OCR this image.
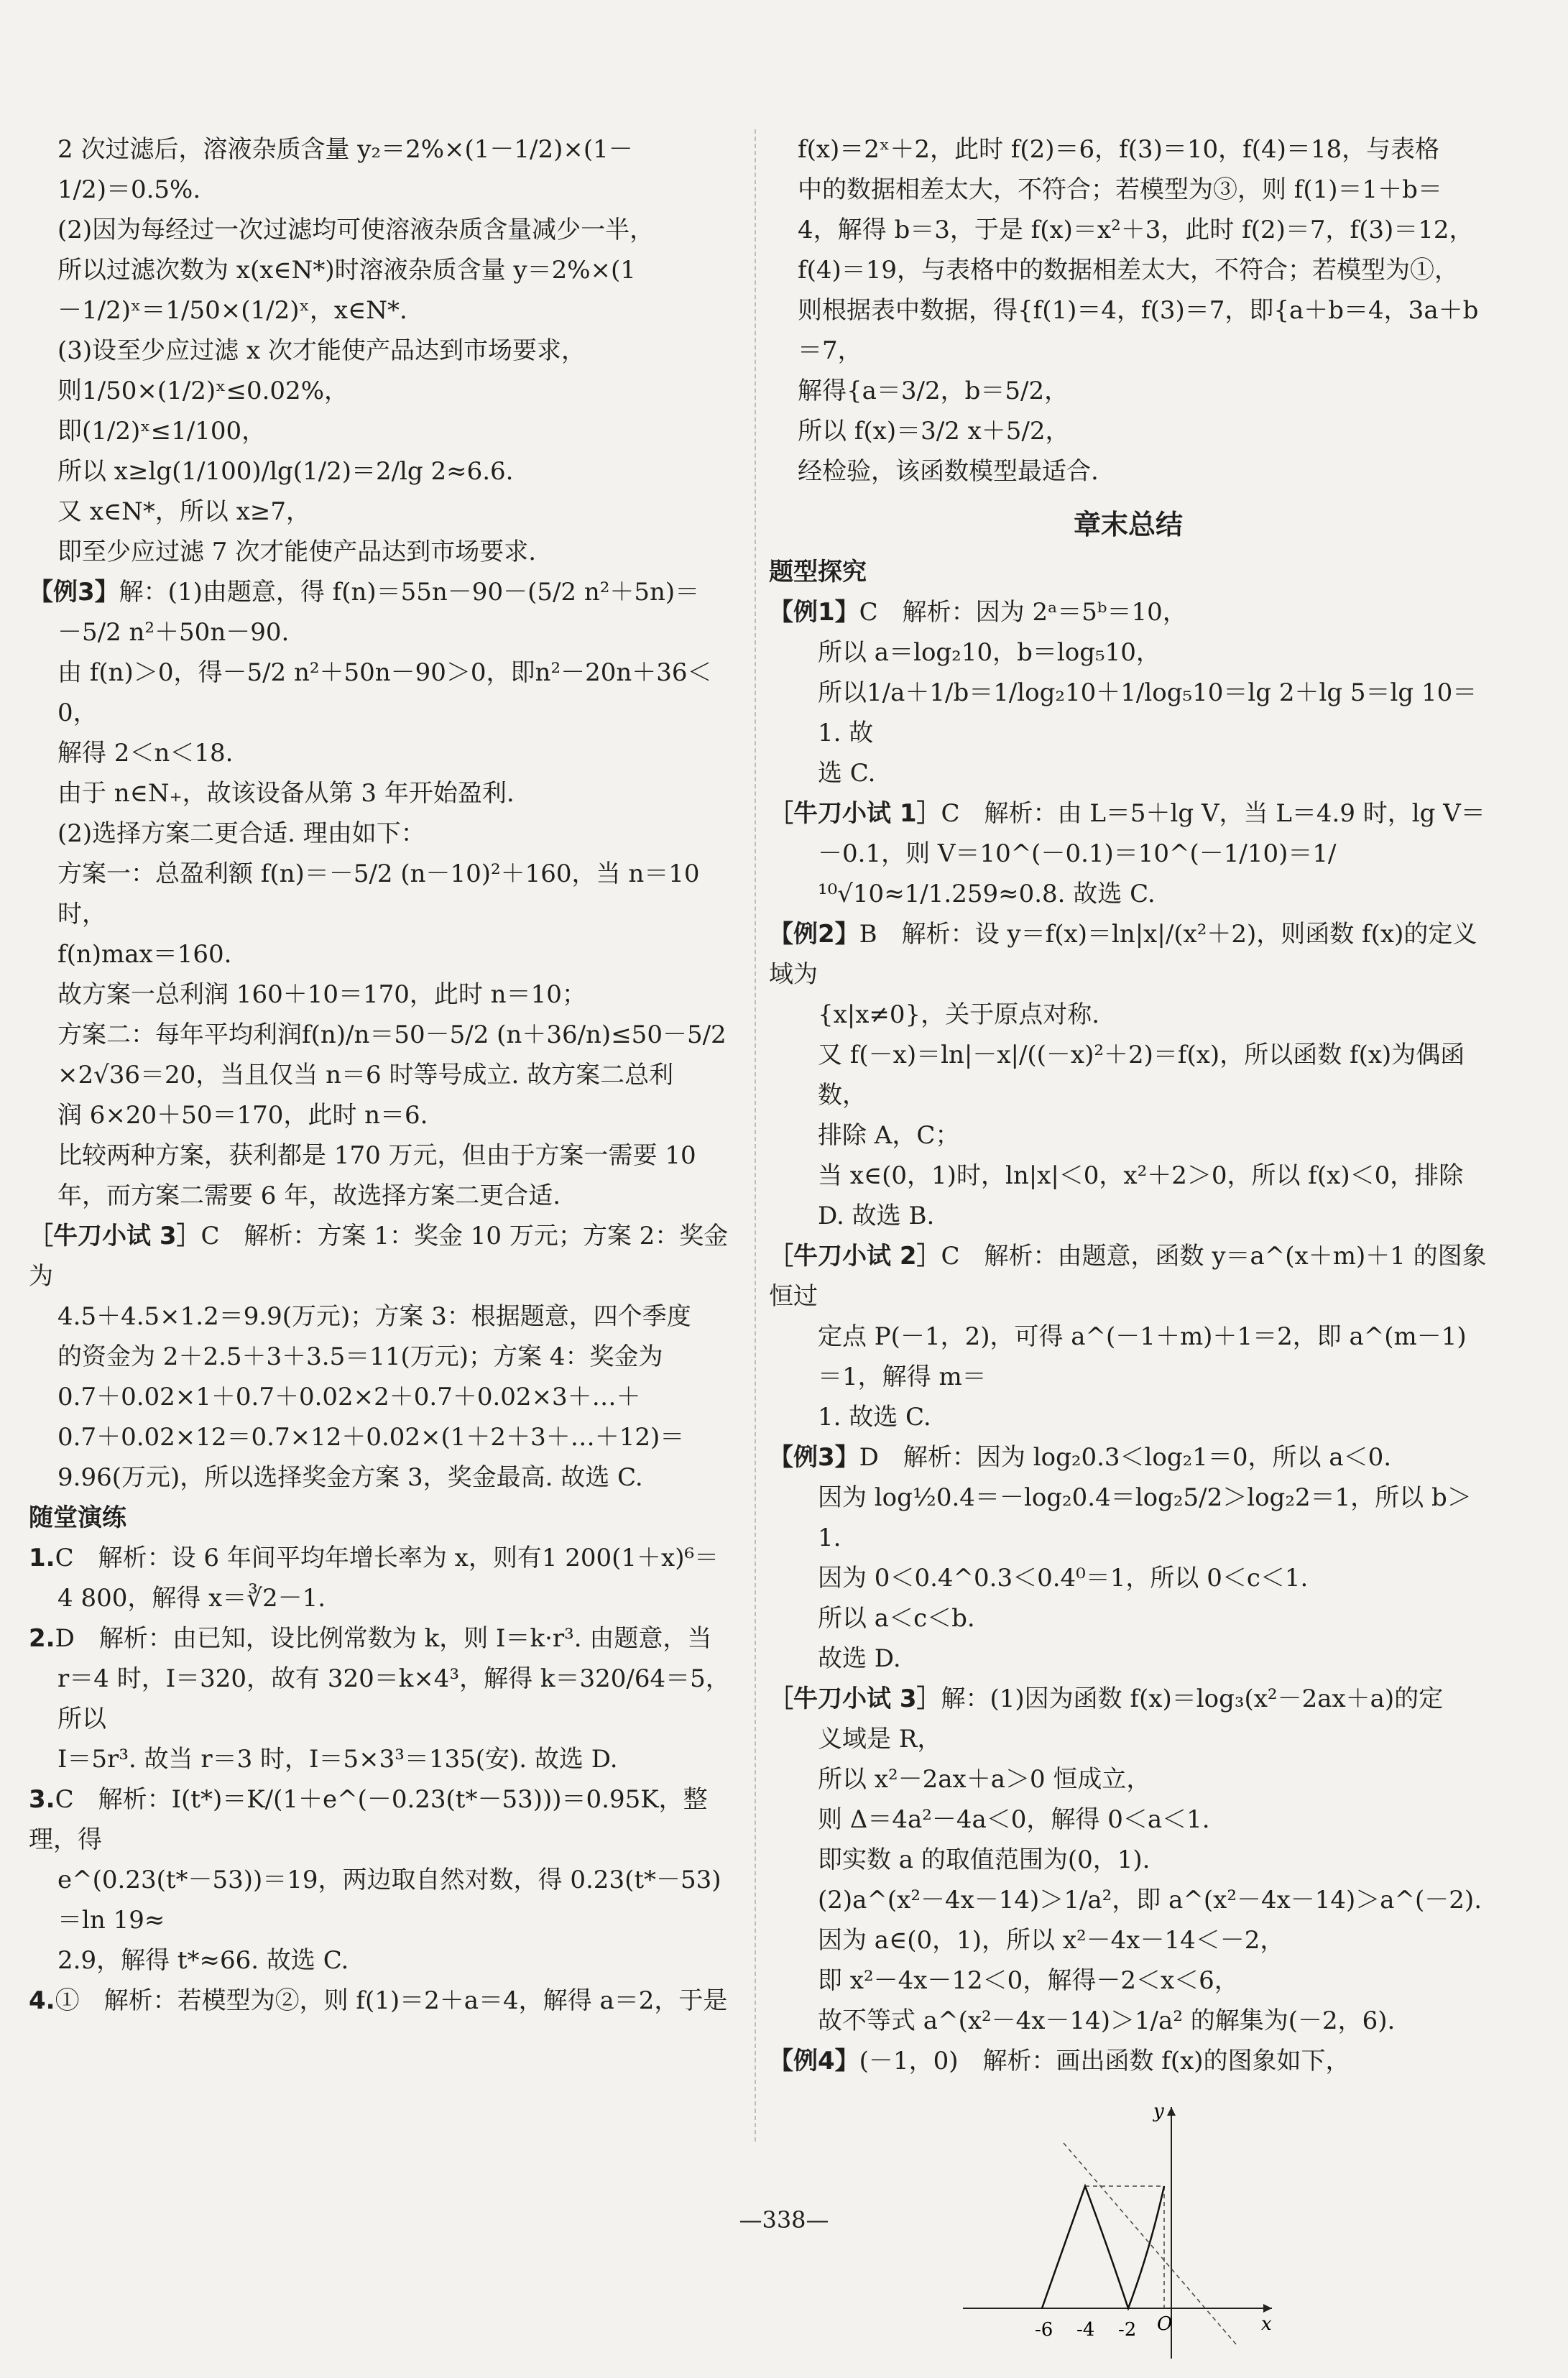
2 次过滤后，溶液杂质含量 y₂＝2%×(1－1/2)×(1－
1/2)＝0.5%.
(2)因为每经过一次过滤均可使溶液杂质含量减少一半，
所以过滤次数为 x(x∈N*)时溶液杂质含量 y＝2%×(1
－1/2)ˣ＝1/50×(1/2)ˣ，x∈N*.
(3)设至少应过滤 x 次才能使产品达到市场要求，
则1/50×(1/2)ˣ≤0.02%，
即(1/2)ˣ≤1/100，
所以 x≥lg(1/100)/lg(1/2)＝2/lg 2≈6.6.
又 x∈N*，所以 x≥7，
即至少应过滤 7 次才能使产品达到市场要求.
【例3】解：(1)由题意，得 f(n)＝55n－90－(5/2 n²＋5n)＝
－5/2 n²＋50n－90.
由 f(n)＞0，得－5/2 n²＋50n－90＞0，即n²－20n＋36＜0，
解得 2＜n＜18.
由于 n∈N₊，故该设备从第 3 年开始盈利.
(2)选择方案二更合适. 理由如下：
方案一：总盈利额 f(n)＝－5/2 (n－10)²＋160，当 n＝10 时，
f(n)max＝160.
故方案一总利润 160＋10＝170，此时 n＝10；
方案二：每年平均利润f(n)/n＝50－5/2 (n＋36/n)≤50－5/2
×2√36＝20，当且仅当 n＝6 时等号成立. 故方案二总利
润 6×20＋50＝170，此时 n＝6.
比较两种方案，获利都是 170 万元，但由于方案一需要 10
年，而方案二需要 6 年，故选择方案二更合适.
［牛刀小试 3］C　解析：方案 1：奖金 10 万元；方案 2：奖金为
4.5＋4.5×1.2＝9.9(万元)；方案 3：根据题意，四个季度
的资金为 2＋2.5＋3＋3.5＝11(万元)；方案 4：奖金为
0.7＋0.02×1＋0.7＋0.02×2＋0.7＋0.02×3＋…＋
0.7＋0.02×12＝0.7×12＋0.02×(1＋2＋3＋…＋12)＝
9.96(万元)，所以选择奖金方案 3，奖金最高. 故选 C.
随堂演练
1.C　解析：设 6 年间平均年增长率为 x，则有1 200(1＋x)⁶＝
4 800，解得 x＝∛2－1.
2.D　解析：由已知，设比例常数为 k，则 I＝k·r³. 由题意，当
r＝4 时，I＝320，故有 320＝k×4³，解得 k＝320/64＝5，所以
I＝5r³. 故当 r＝3 时，I＝5×3³＝135(安). 故选 D.
3.C　解析：I(t*)＝K/(1＋e^(－0.23(t*－53)))＝0.95K，整理，得
e^(0.23(t*－53))＝19，两边取自然对数，得 0.23(t*－53)＝ln 19≈
2.9，解得 t*≈66. 故选 C.
4.①　解析：若模型为②，则 f(1)＝2＋a＝4，解得 a＝2，于是
f(x)＝2ˣ＋2，此时 f(2)＝6，f(3)＝10，f(4)＝18，与表格
中的数据相差太大，不符合；若模型为③，则 f(1)＝1＋b＝
4，解得 b＝3，于是 f(x)＝x²＋3，此时 f(2)＝7，f(3)＝12，
f(4)＝19，与表格中的数据相差太大，不符合；若模型为①，
则根据表中数据，得{f(1)＝4，f(3)＝7，即{a＋b＝4，3a＋b＝7，
解得{a＝3/2，b＝5/2，
所以 f(x)＝3/2 x＋5/2，
经检验，该函数模型最适合.
章末总结
题型探究
【例1】C　解析：因为 2ᵃ＝5ᵇ＝10，
所以 a＝log₂10，b＝log₅10，
所以1/a＋1/b＝1/log₂10＋1/log₅10＝lg 2＋lg 5＝lg 10＝1. 故
选 C.
［牛刀小试 1］C　解析：由 L＝5＋lg V，当 L＝4.9 时，lg V＝
－0.1，则 V＝10^(－0.1)＝10^(－1/10)＝1/¹⁰√10≈1/1.259≈0.8. 故选 C.
【例2】B　解析：设 y＝f(x)＝ln|x|/(x²＋2)，则函数 f(x)的定义域为
{x|x≠0}，关于原点对称.
又 f(－x)＝ln|－x|/((－x)²＋2)＝f(x)，所以函数 f(x)为偶函数，
排除 A，C；
当 x∈(0，1)时，ln|x|＜0，x²＋2＞0，所以 f(x)＜0，排除
D. 故选 B.
［牛刀小试 2］C　解析：由题意，函数 y＝a^(x＋m)＋1 的图象恒过
定点 P(－1，2)，可得 a^(－1＋m)＋1＝2，即 a^(m－1)＝1，解得 m＝
1. 故选 C.
【例3】D　解析：因为 log₂0.3＜log₂1＝0，所以 a＜0.
因为 log½0.4＝－log₂0.4＝log₂5/2＞log₂2＝1，所以 b＞1.
因为 0＜0.4^0.3＜0.4⁰＝1，所以 0＜c＜1.
所以 a＜c＜b.
故选 D.
［牛刀小试 3］解：(1)因为函数 f(x)＝log₃(x²－2ax＋a)的定
义域是 R，
所以 x²－2ax＋a＞0 恒成立，
则 Δ＝4a²－4a＜0，解得 0＜a＜1.
即实数 a 的取值范围为(0，1).
(2)a^(x²－4x－14)＞1/a²，即 a^(x²－4x－14)＞a^(－2).
因为 a∈(0，1)，所以 x²－4x－14＜－2，
即 x²－4x－12＜0，解得－2＜x＜6，
故不等式 a^(x²－4x－14)＞1/a² 的解集为(－2，6).
【例4】(－1，0)　解析：画出函数 f(x)的图象如下，
-6 -4 -2 O	x
y
—338—
